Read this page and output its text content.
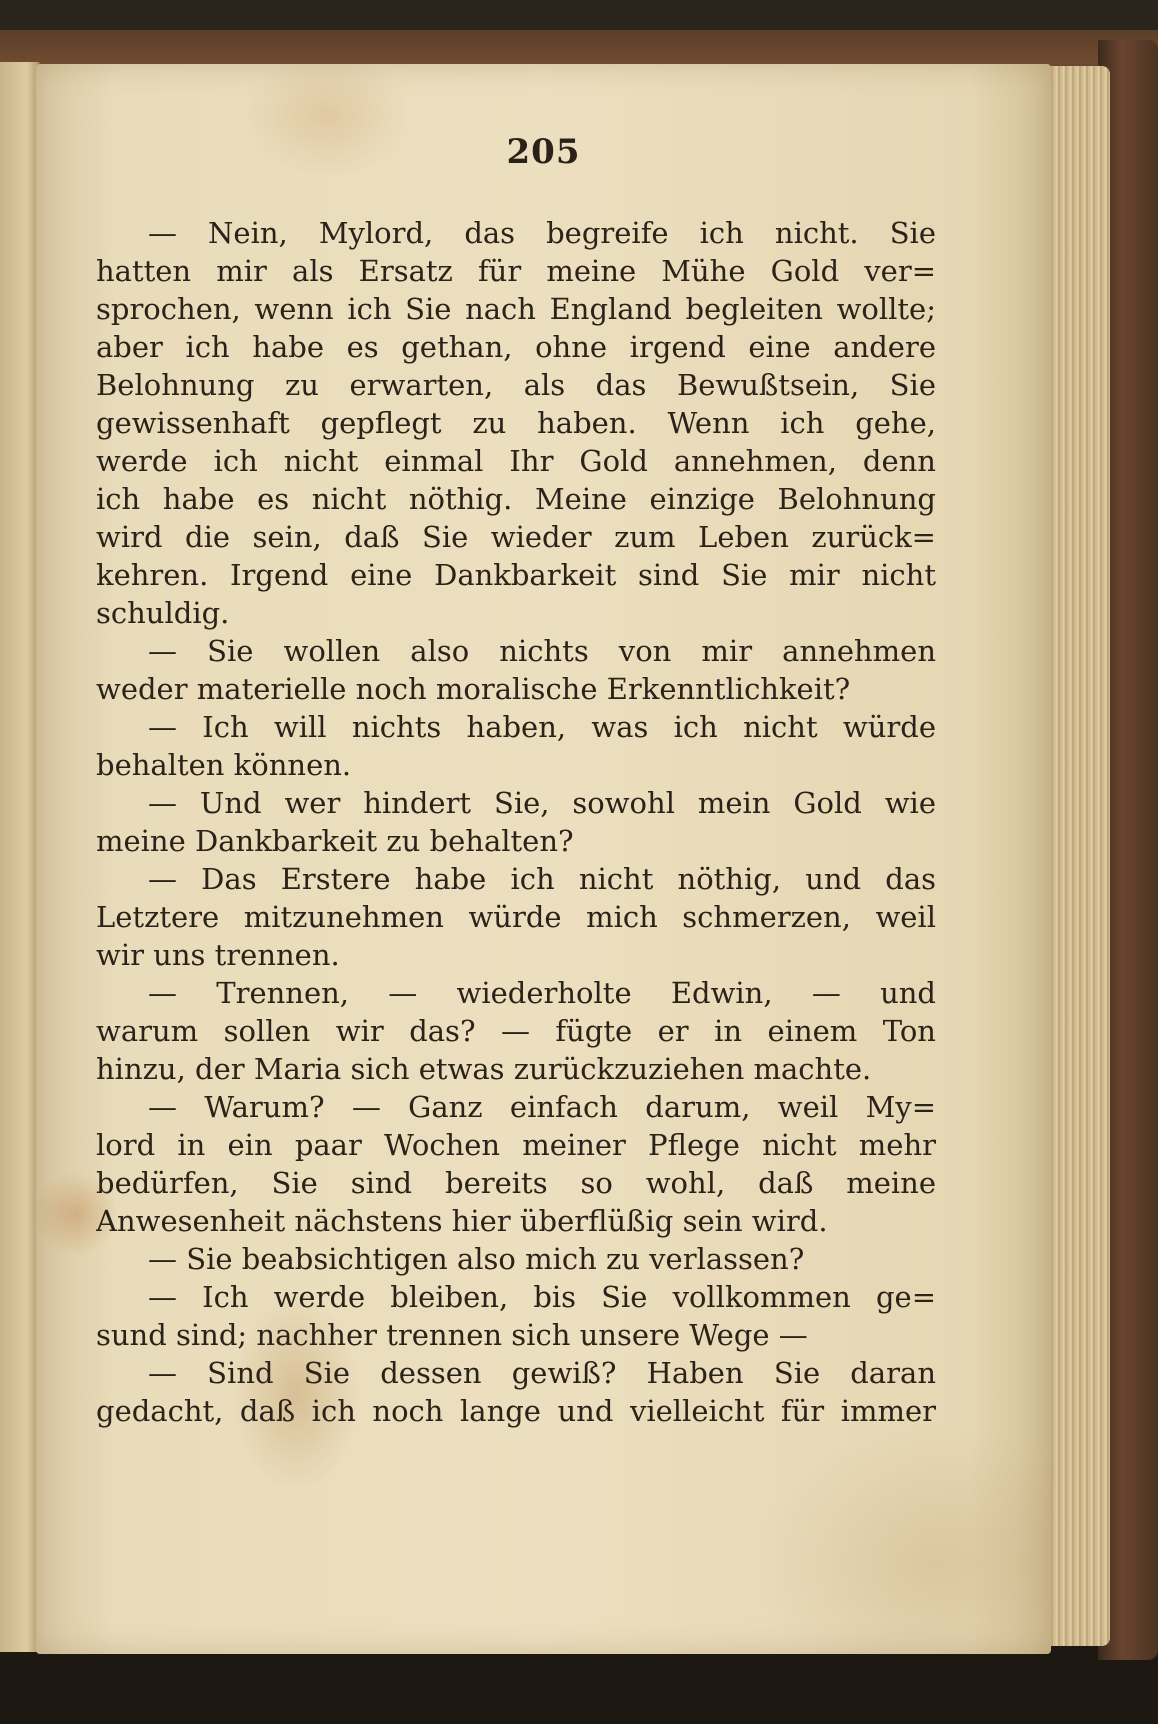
205
— Nein, Mylord, das begreife ich nicht. Sie
hatten mir als Ersatz für meine Mühe Gold ver=
sprochen, wenn ich Sie nach England begleiten wollte;
aber ich habe es gethan, ohne irgend eine andere
Belohnung zu erwarten, als das Bewußtsein, Sie
gewissenhaft gepflegt zu haben. Wenn ich gehe,
werde ich nicht einmal Ihr Gold annehmen, denn
ich habe es nicht nöthig. Meine einzige Belohnung
wird die sein, daß Sie wieder zum Leben zurück=
kehren. Irgend eine Dankbarkeit sind Sie mir nicht
schuldig.
— Sie wollen also nichts von mir annehmen
weder materielle noch moralische Erkenntlichkeit?
— Ich will nichts haben, was ich nicht würde
behalten können.
— Und wer hindert Sie, sowohl mein Gold wie
meine Dankbarkeit zu behalten?
— Das Erstere habe ich nicht nöthig, und das
Letztere mitzunehmen würde mich schmerzen, weil
wir uns trennen.
— Trennen, — wiederholte Edwin, — und
warum sollen wir das? — fügte er in einem Ton
hinzu, der Maria sich etwas zurückzuziehen machte.
— Warum? — Ganz einfach darum, weil My=
lord in ein paar Wochen meiner Pflege nicht mehr
bedürfen, Sie sind bereits so wohl, daß meine
Anwesenheit nächstens hier überflüßig sein wird.
— Sie beabsichtigen also mich zu verlassen?
— Ich werde bleiben, bis Sie vollkommen ge=
sund sind; nachher trennen sich unsere Wege —
— Sind Sie dessen gewiß? Haben Sie daran
gedacht, daß ich noch lange und vielleicht für immer
